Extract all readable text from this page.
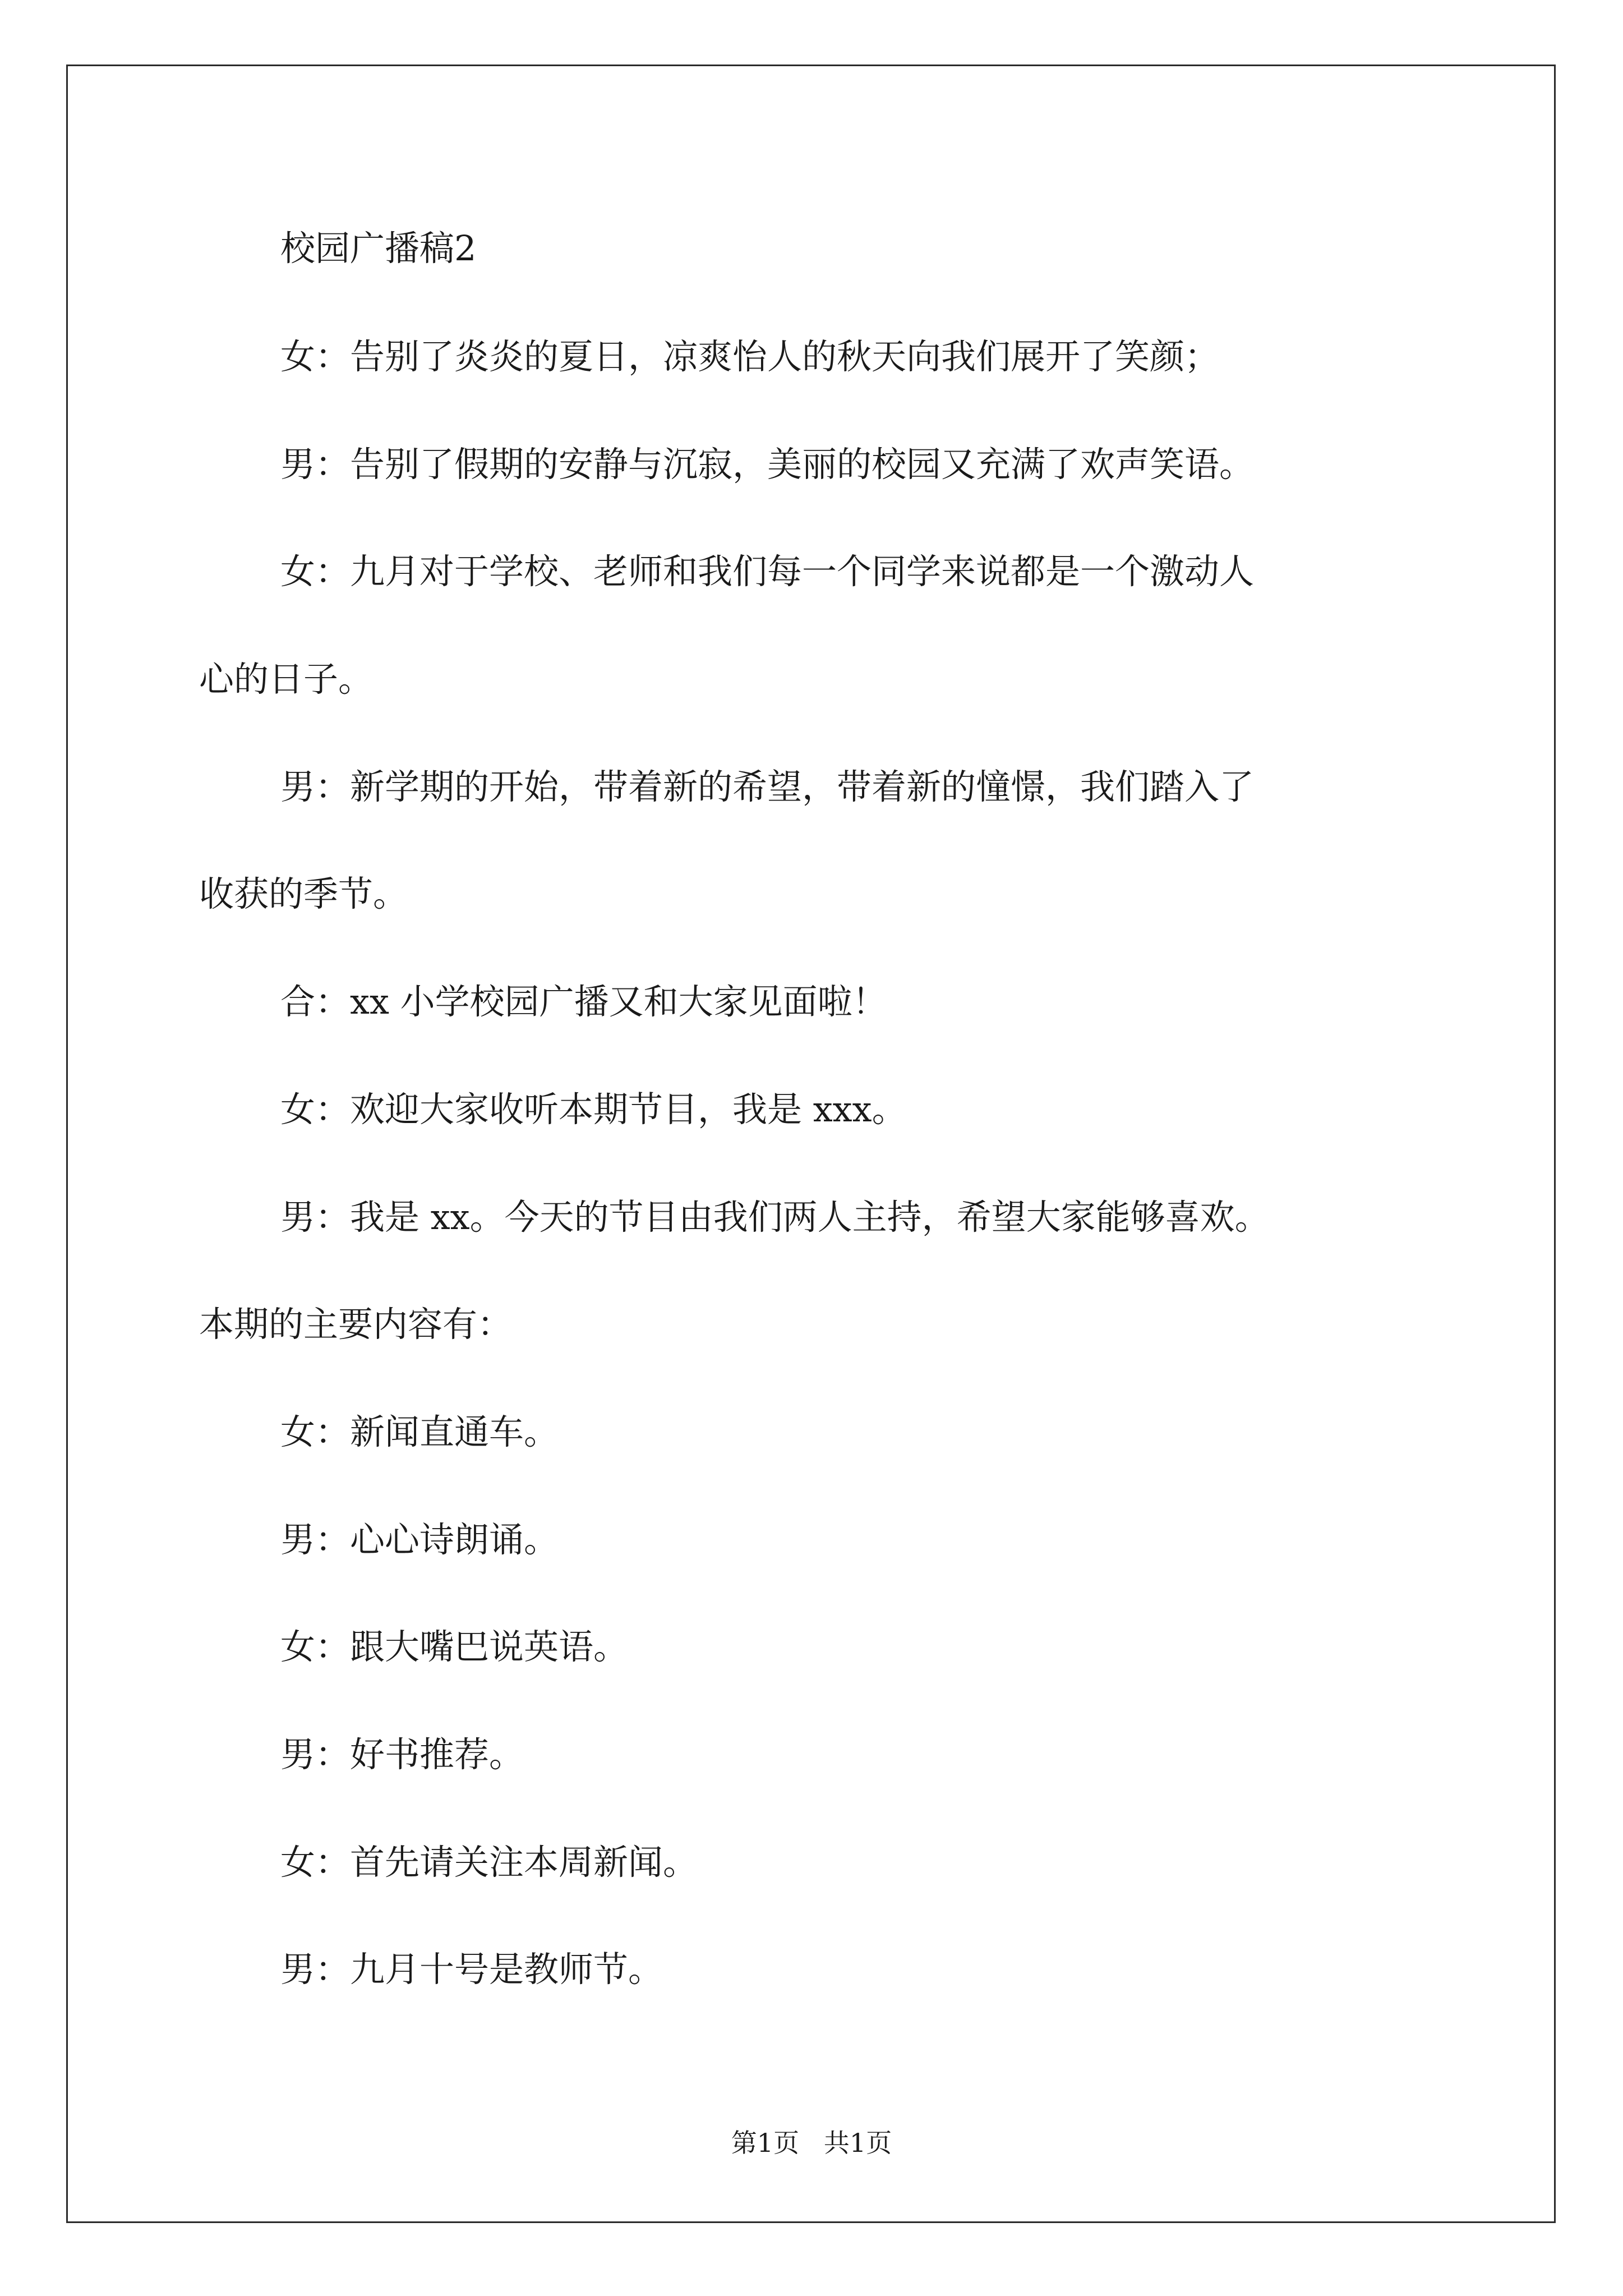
校园广播稿2
女：告别了炎炎的夏日，凉爽怡人的秋天向我们展开了笑颜；
男：告别了假期的安静与沉寂，美丽的校园又充满了欢声笑语。
女：九月对于学校、老师和我们每一个同学来说都是一个激动人
心的日子。
男：新学期的开始，带着新的希望，带着新的憧憬，我们踏入了
收获的季节。
合：xx 小学校园广播又和大家见面啦！
女：欢迎大家收听本期节目，我是 xxx。
男：我是 xx。今天的节目由我们两人主持，希望大家能够喜欢。
本期的主要内容有：
女：新闻直通车。
男：心心诗朗诵。
女：跟大嘴巴说英语。
男：好书推荐。
女：首先请关注本周新闻。
男：九月十号是教师节。
第1页   共1页
